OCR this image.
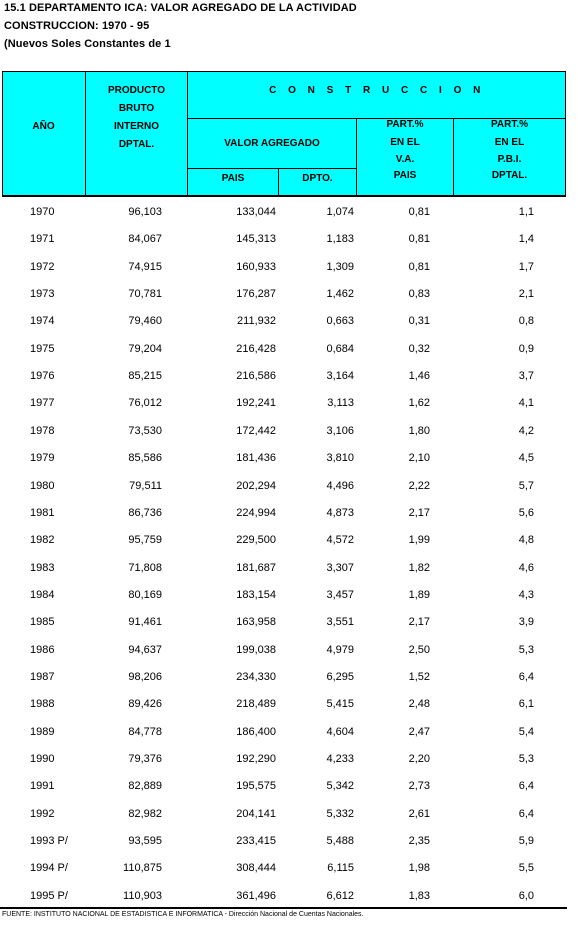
15.1 DEPARTAMENTO ICA: VALOR AGREGADO DE LA ACTIVIDAD
CONSTRUCCION: 1970 - 95
(Nuevos Soles Constantes de 1
AÑO
PRODUCTO
BRUTO
INTERNO
DPTAL.
C O N S T R U C C I O N
VALOR AGREGADO
PAIS	DPTO.
PART.%
EN EL
V.A.
PAIS
PART.%
EN EL
P.B.I.
DPTAL.
1970	96,103	133,044	1,074	0,81	1,1
1971	84,067	145,313	1,183	0,81	1,4
1972	74,915	160,933	1,309	0,81	1,7
1973	70,781	176,287	1,462	0,83	2,1
1974	79,460	211,932	0,663	0,31	0,8
1975	79,204	216,428	0,684	0,32	0,9
1976	85,215	216,586	3,164	1,46	3,7
1977	76,012	192,241	3,113	1,62	4,1
1978	73,530	172,442	3,106	1,80	4,2
1979	85,586	181,436	3,810	2,10	4,5
1980	79,511	202,294	4,496	2,22	5,7
1981	86,736	224,994	4,873	2,17	5,6
1982	95,759	229,500	4,572	1,99	4,8
1983	71,808	181,687	3,307	1,82	4,6
1984	80,169	183,154	3,457	1,89	4,3
1985	91,461	163,958	3,551	2,17	3,9
1986	94,637	199,038	4,979	2,50	5,3
1987	98,206	234,330	6,295	1,52	6,4
1988	89,426	218,489	5,415	2,48	6,1
1989	84,778	186,400	4,604	2,47	5,4
1990	79,376	192,290	4,233	2,20	5,3
1991	82,889	195,575	5,342	2,73	6,4
1992	82,982	204,141	5,332	2,61	6,4
1993 P/	93,595	233,415	5,488	2,35	5,9
1994 P/	110,875	308,444	6,115	1,98	5,5
1995 P/	110,903	361,496	6,612	1,83	6,0
FUENTE: INSTITUTO NACIONAL DE ESTADISTICA E INFORMATICA - Dirección Nacional de Cuentas Nacionales.
